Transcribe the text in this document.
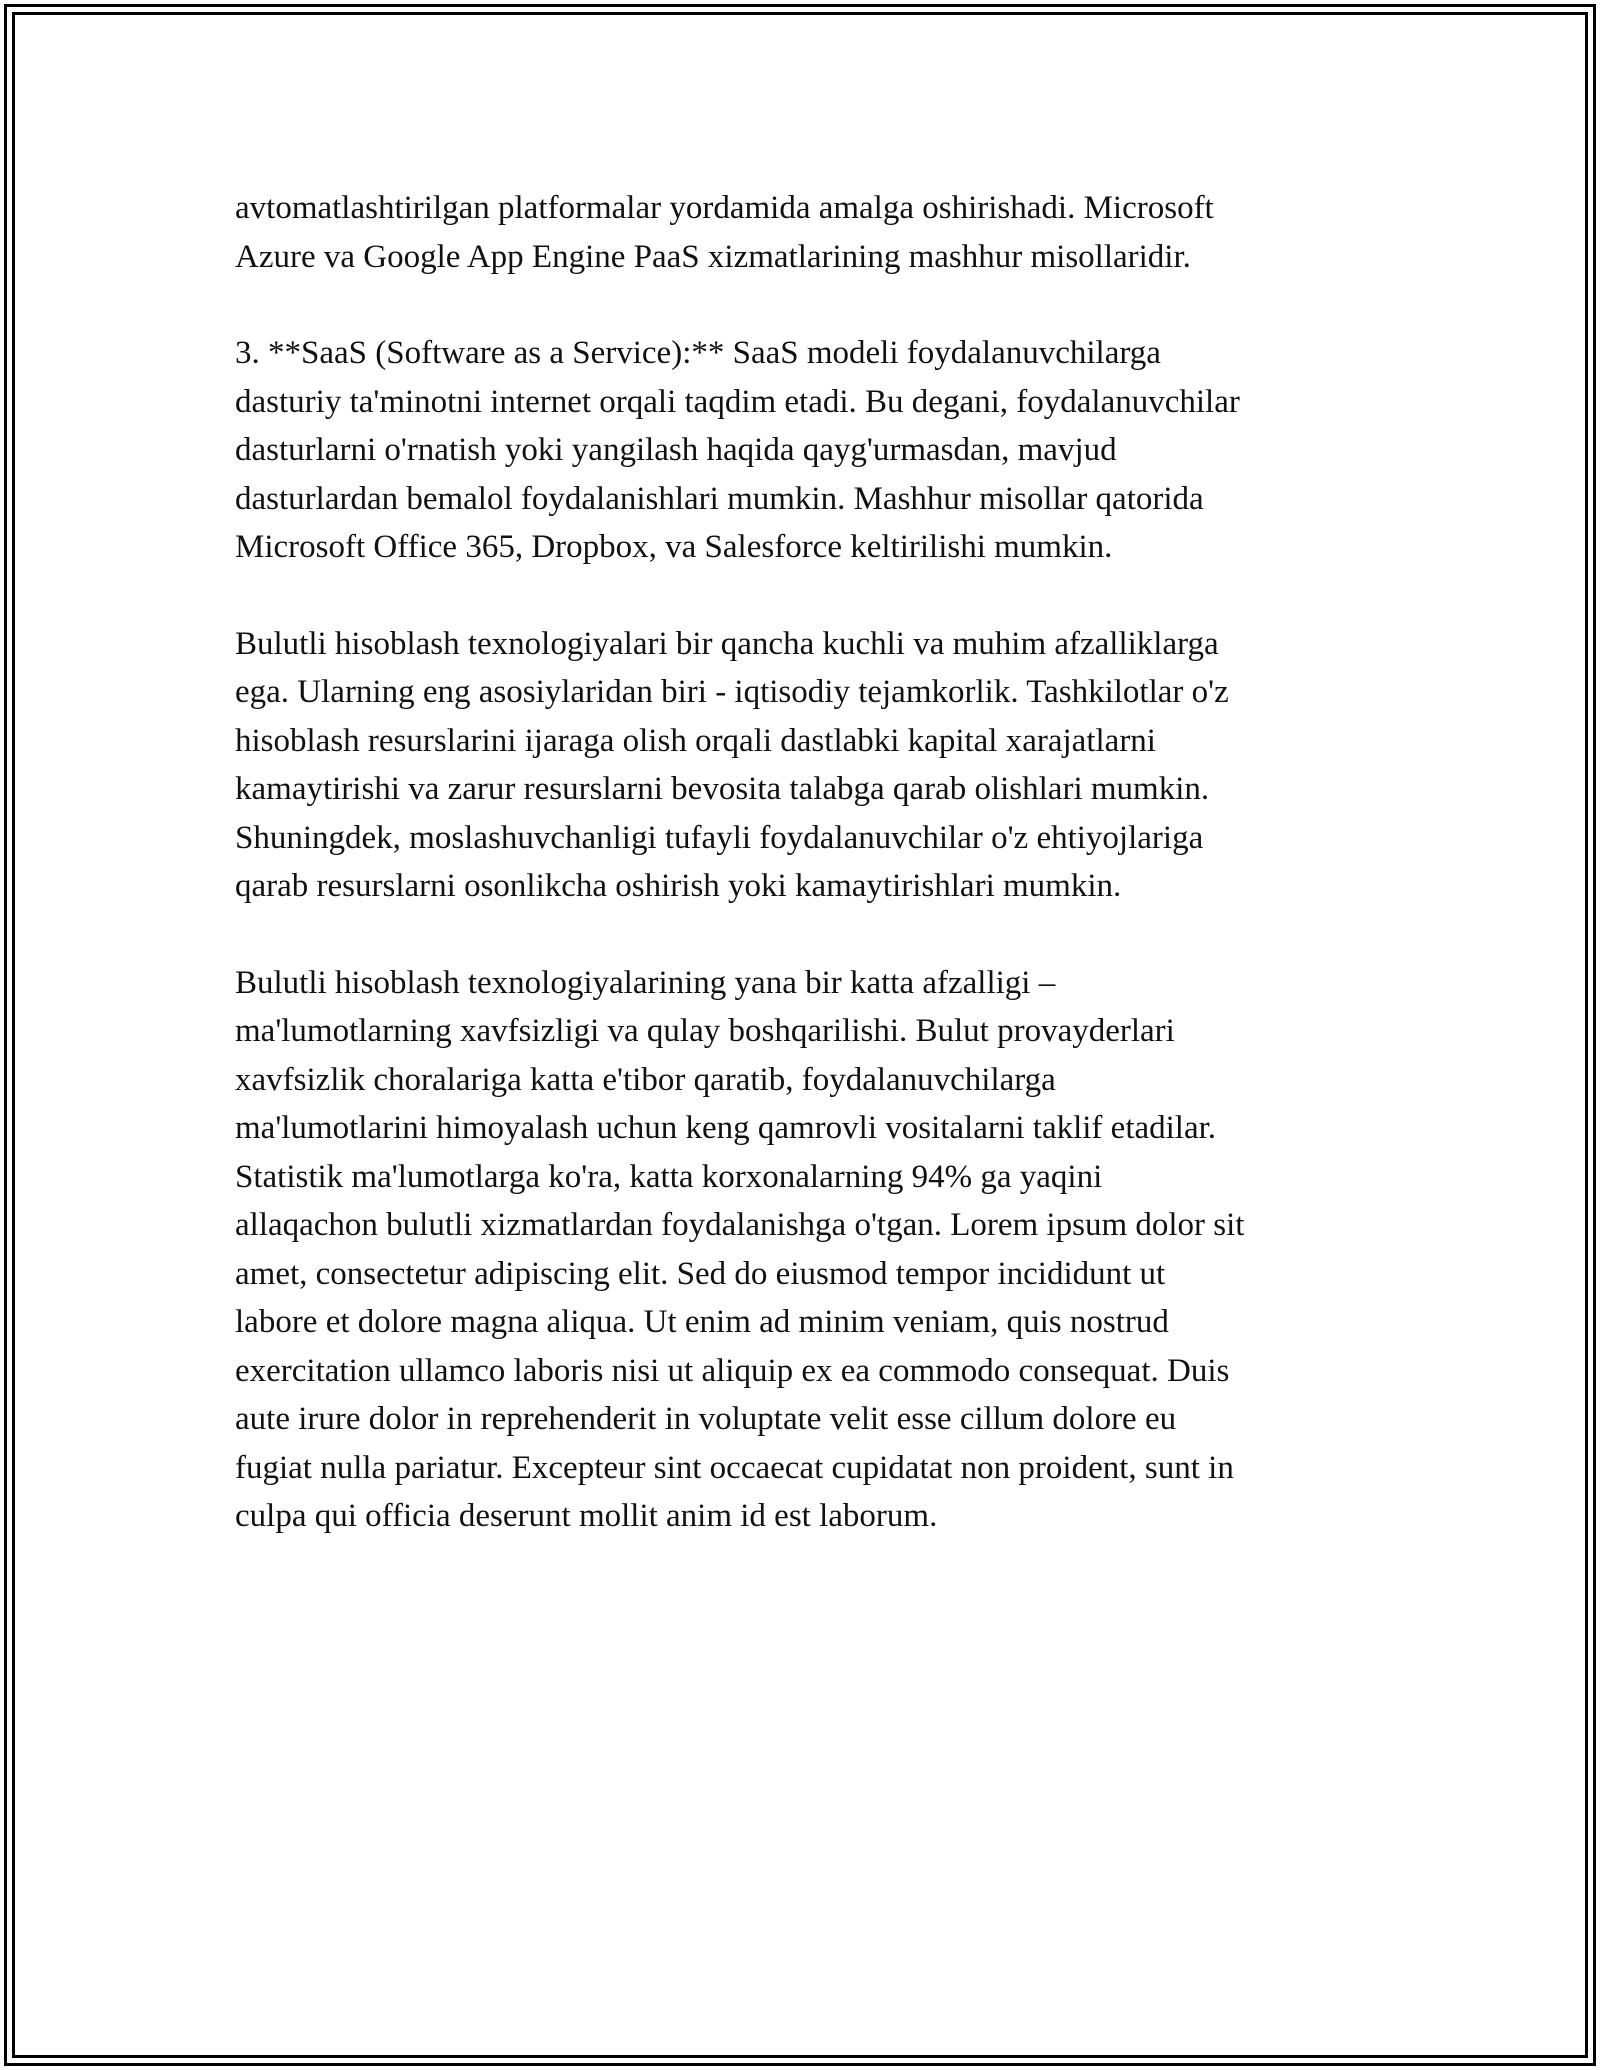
avtomatlashtirilgan platformalar yordamida amalga oshirishadi. Microsoft
Azure va Google App Engine PaaS xizmatlarining mashhur misollaridir.

3. **SaaS (Software as a Service):** SaaS modeli foydalanuvchilarga
dasturiy ta'minotni internet orqali taqdim etadi. Bu degani, foydalanuvchilar
dasturlarni o'rnatish yoki yangilash haqida qayg'urmasdan, mavjud
dasturlardan bemalol foydalanishlari mumkin. Mashhur misollar qatorida
Microsoft Office 365, Dropbox, va Salesforce keltirilishi mumkin.

Bulutli hisoblash texnologiyalari bir qancha kuchli va muhim afzalliklarga
ega. Ularning eng asosiylaridan biri - iqtisodiy tejamkorlik. Tashkilotlar o'z
hisoblash resurslarini ijaraga olish orqali dastlabki kapital xarajatlarni
kamaytirishi va zarur resurslarni bevosita talabga qarab olishlari mumkin.
Shuningdek, moslashuvchanligi tufayli foydalanuvchilar o'z ehtiyojlariga
qarab resurslarni osonlikcha oshirish yoki kamaytirishlari mumkin.

Bulutli hisoblash texnologiyalarining yana bir katta afzalligi –
ma'lumotlarning xavfsizligi va qulay boshqarilishi. Bulut provayderlari
xavfsizlik choralariga katta e'tibor qaratib, foydalanuvchilarga
ma'lumotlarini himoyalash uchun keng qamrovli vositalarni taklif etadilar.
Statistik ma'lumotlarga ko'ra, katta korxonalarning 94% ga yaqini
allaqachon bulutli xizmatlardan foydalanishga o'tgan. Lorem ipsum dolor sit
amet, consectetur adipiscing elit. Sed do eiusmod tempor incididunt ut
labore et dolore magna aliqua. Ut enim ad minim veniam, quis nostrud
exercitation ullamco laboris nisi ut aliquip ex ea commodo consequat. Duis
aute irure dolor in reprehenderit in voluptate velit esse cillum dolore eu
fugiat nulla pariatur. Excepteur sint occaecat cupidatat non proident, sunt in
culpa qui officia deserunt mollit anim id est laborum.
